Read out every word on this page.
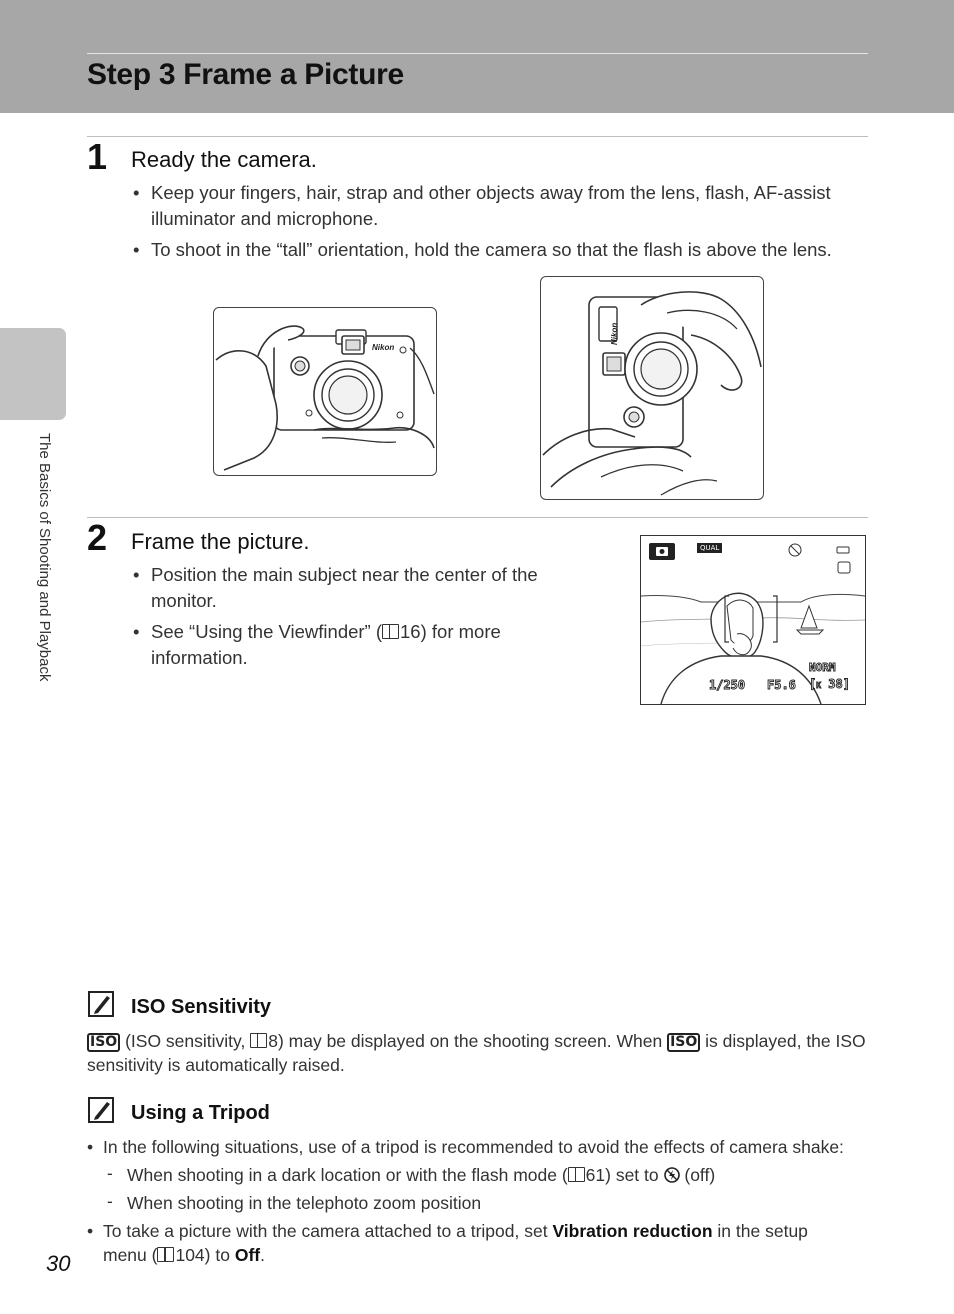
Step 3 Frame a Picture
The Basics of Shooting and Playback
1 Ready the camera.
• Keep your fingers, hair, strap and other objects away from the lens, flash, AF-assist illuminator and microphone.
• To shoot in the “tall” orientation, hold the camera so that the flash is above the lens.
Nikon
Nikon
2 Frame the picture.
• Position the main subject near the center of the monitor.
• See “Using the Viewfinder” ( 16) for more information.
QUAL
NORM
1/250 F5.6 [K 38]
ISO Sensitivity
ISO (ISO sensitivity, 8) may be displayed on the shooting screen. When ISO is displayed, the ISO
sensitivity is automatically raised.
Using a Tripod
• In the following situations, use of a tripod is recommended to avoid the effects of camera shake:
- When shooting in a dark location or with the flash mode ( 61) set to (off)
- When shooting in the telephoto zoom position
• To take a picture with the camera attached to a tripod, set Vibration reduction in the setup
menu ( 104) to Off.
30
